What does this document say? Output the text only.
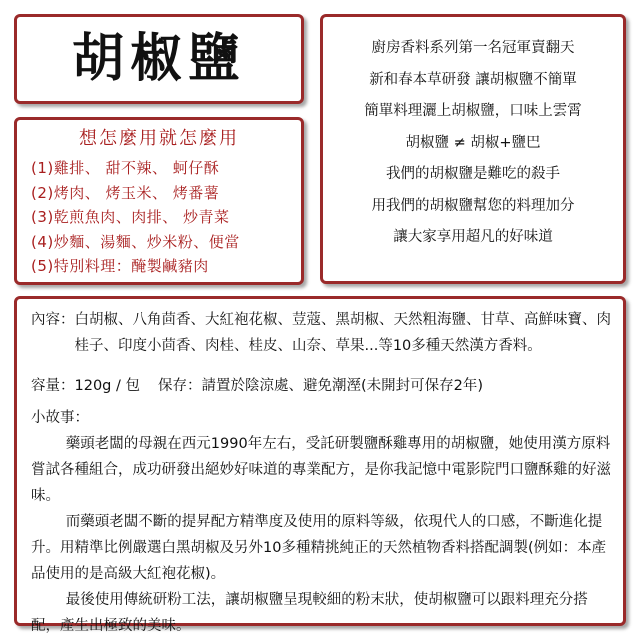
胡椒鹽
想怎麼用就怎麼用
(1)雞排、 甜不辣、 蚵仔酥
(2)烤肉、 烤玉米、 烤番薯
(3)乾煎魚肉、肉排、 炒青菜
(4)炒麵、湯麵、炒米粉、便當
(5)特別料理：醃製鹹豬肉
廚房香料系列第一名冠軍賣翻天
新和春本草研發 讓胡椒鹽不簡單
簡單料理灑上胡椒鹽，口味上雲霄
胡椒鹽 ≠ 胡椒+鹽巴
我們的胡椒鹽是難吃的殺手
用我們的胡椒鹽幫您的料理加分
讓大家享用超凡的好味道
內容： 白胡椒、八角茴香、大紅袍花椒、荳蔻、黑胡椒、天然粗海鹽、甘草、高鮮味寶、肉桂子、印度小茴香、肉桂、桂皮、山奈、草果...等10多種天然漢方香料。
容量：120g / 包 保存：請置於陰涼處、避免潮溼(未開封可保存2年)
小故事：

藥頭老闆的母親在西元1990年左右，受託研製鹽酥雞專用的胡椒鹽，她使用漢方原料嘗試各種組合，成功研發出絕妙好味道的專業配方，是你我記憶中電影院門口鹽酥雞的好滋味。

而藥頭老闆不斷的提昇配方精準度及使用的原料等級，依現代人的口感，不斷進化提升。用精準比例嚴選白黑胡椒及另外10多種精挑純正的天然植物香料搭配調製(例如：本產品使用的是高級大紅袍花椒)。

最後使用傳統研粉工法，讓胡椒鹽呈現較細的粉末狀，使胡椒鹽可以跟料理充分搭配，產生出極致的美味。
